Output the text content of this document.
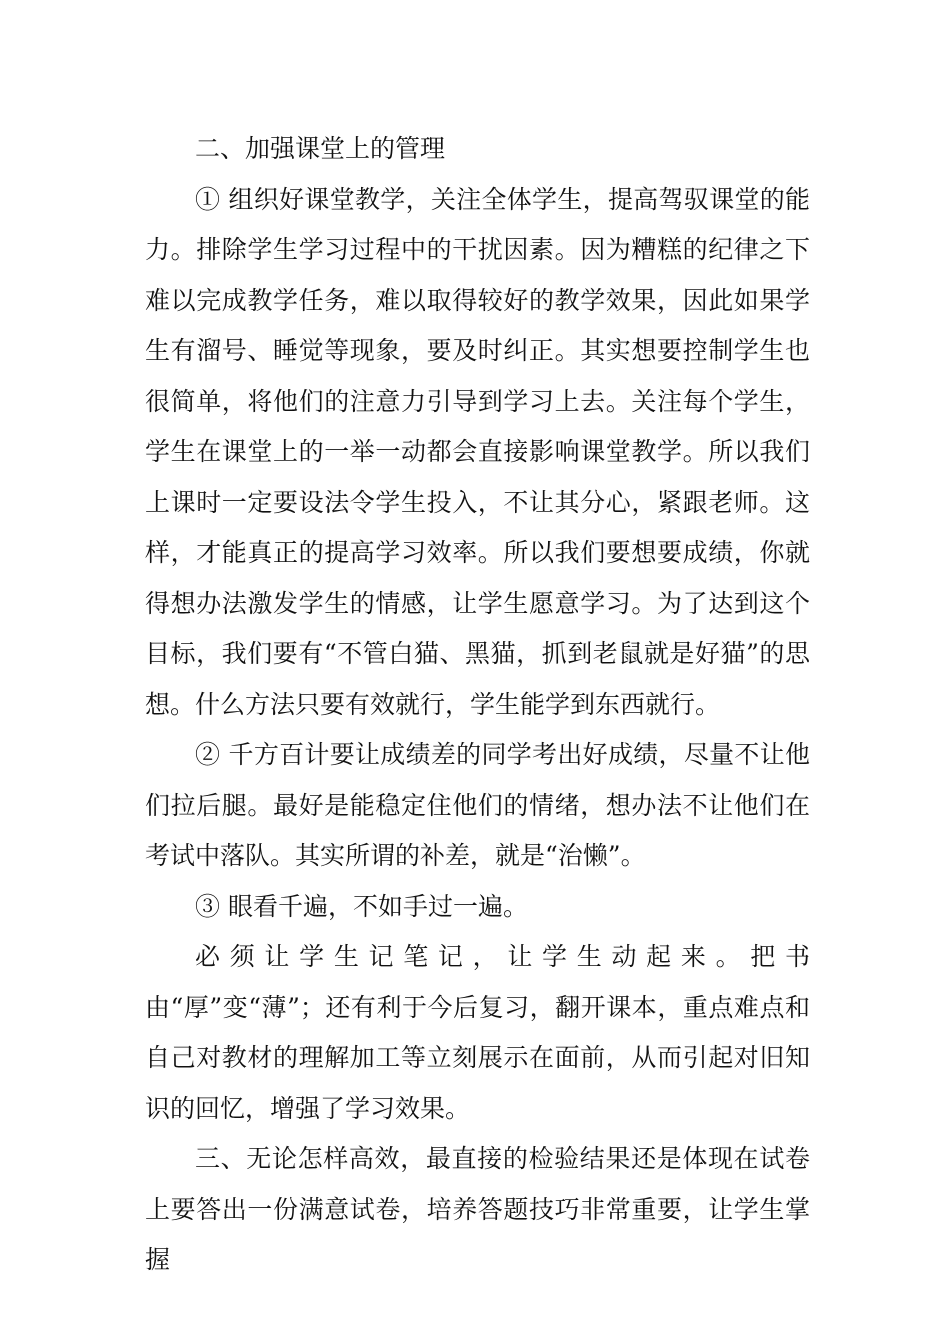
二、加强课堂上的管理

① 组织好课堂教学，关注全体学生，提高驾驭课堂的能力。排除学生学习过程中的干扰因素。因为糟糕的纪律之下难以完成教学任务，难以取得较好的教学效果，因此如果学生有溜号、睡觉等现象，要及时纠正。其实想要控制学生也很简单，将他们的注意力引导到学习上去。关注每个学生，学生在课堂上的一举一动都会直接影响课堂教学。所以我们上课时一定要设法令学生投入，不让其分心，紧跟老师。这样，才能真正的提高学习效率。所以我们要想要成绩，你就得想办法激发学生的情感，让学生愿意学习。为了达到这个目标，我们要有“不管白猫、黑猫，抓到老鼠就是好猫”的思想。什么方法只要有效就行，学生能学到东西就行。

② 千方百计要让成绩差的同学考出好成绩，尽量不让他们拉后腿。最好是能稳定住他们的情绪，想办法不让他们在考试中落队。其实所谓的补差，就是“治懒”。

③ 眼看千遍，不如手过一遍。

必须让学生记笔记，让学生动起来。把书由“厚”变“薄”；还有利于今后复习，翻开课本，重点难点和自己对教材的理解加工等立刻展示在面前，从而引起对旧知识的回忆，增强了学习效果。

三、无论怎样高效，最直接的检验结果还是体现在试卷上要答出一份满意试卷，培养答题技巧非常重要，让学生掌握
